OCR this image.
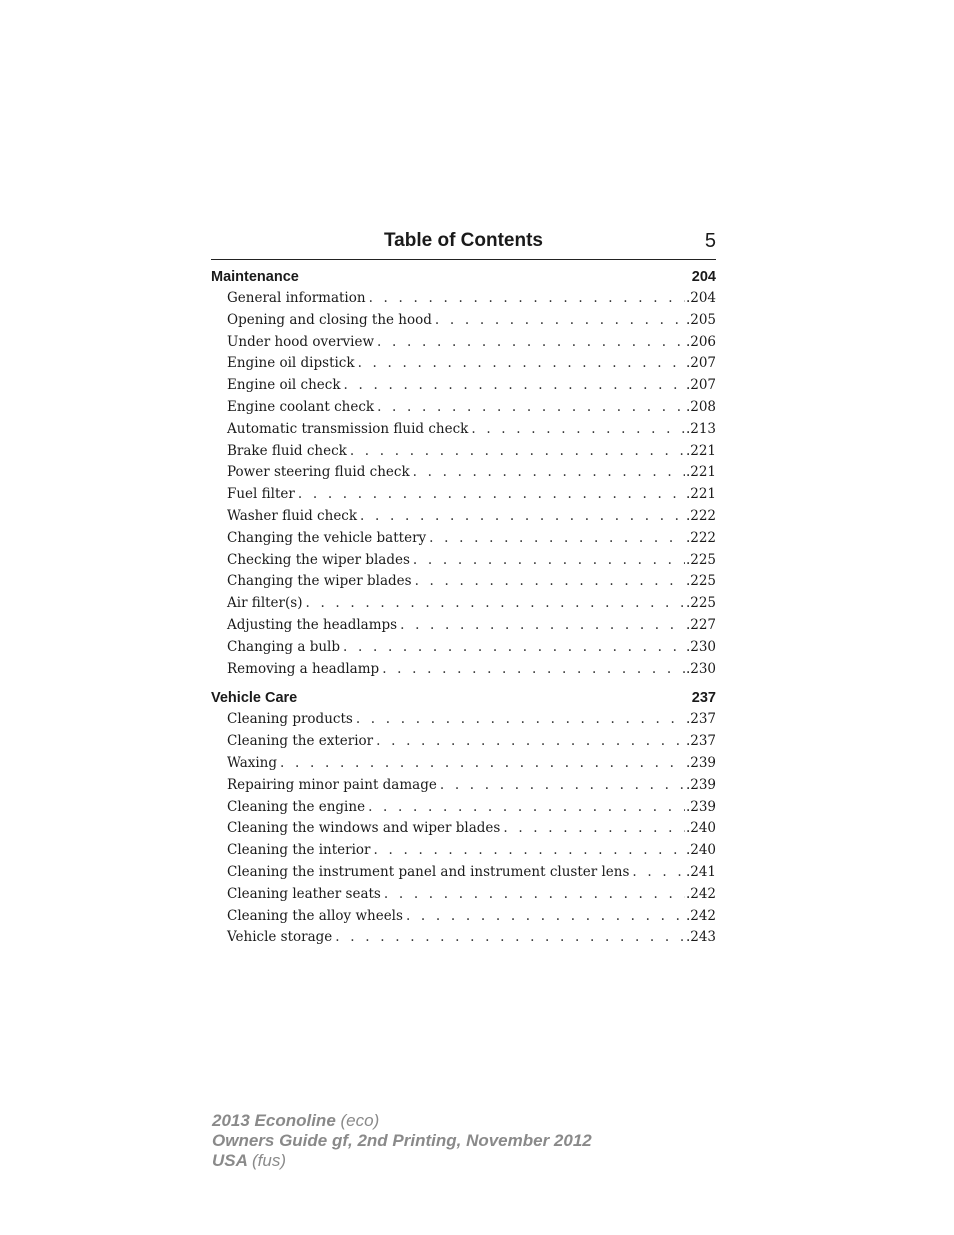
Table of Contents	5
Maintenance	204
General information . . .	.204
Opening and closing the hood . . .	.205
Under hood overview . . .	.206
Engine oil dipstick . . .	.207
Engine oil check . . .	.207
Engine coolant check . . .	.208
Automatic transmission fluid check . . .	.213
Brake fluid check . . .	.221
Power steering fluid check . . .	.221
Fuel filter . . .	.221
Washer fluid check . . .	.222
Changing the vehicle battery . . .	.222
Checking the wiper blades . . .	.225
Changing the wiper blades . . .	.225
Air filter(s) . . .	.225
Adjusting the headlamps . . .	.227
Changing a bulb . . .	.230
Removing a headlamp . . .	.230
Vehicle Care	237
Cleaning products . . .	.237
Cleaning the exterior . . .	.237
Waxing . . .	.239
Repairing minor paint damage . . .	.239
Cleaning the engine . . .	.239
Cleaning the windows and wiper blades . . .	.240
Cleaning the interior . . .	.240
Cleaning the instrument panel and instrument cluster lens . . .	.241
Cleaning leather seats . . .	.242
Cleaning the alloy wheels . . .	.242
Vehicle storage . . .	.243
2013 Econoline (eco)
Owners Guide gf, 2nd Printing, November 2012
USA (fus)
